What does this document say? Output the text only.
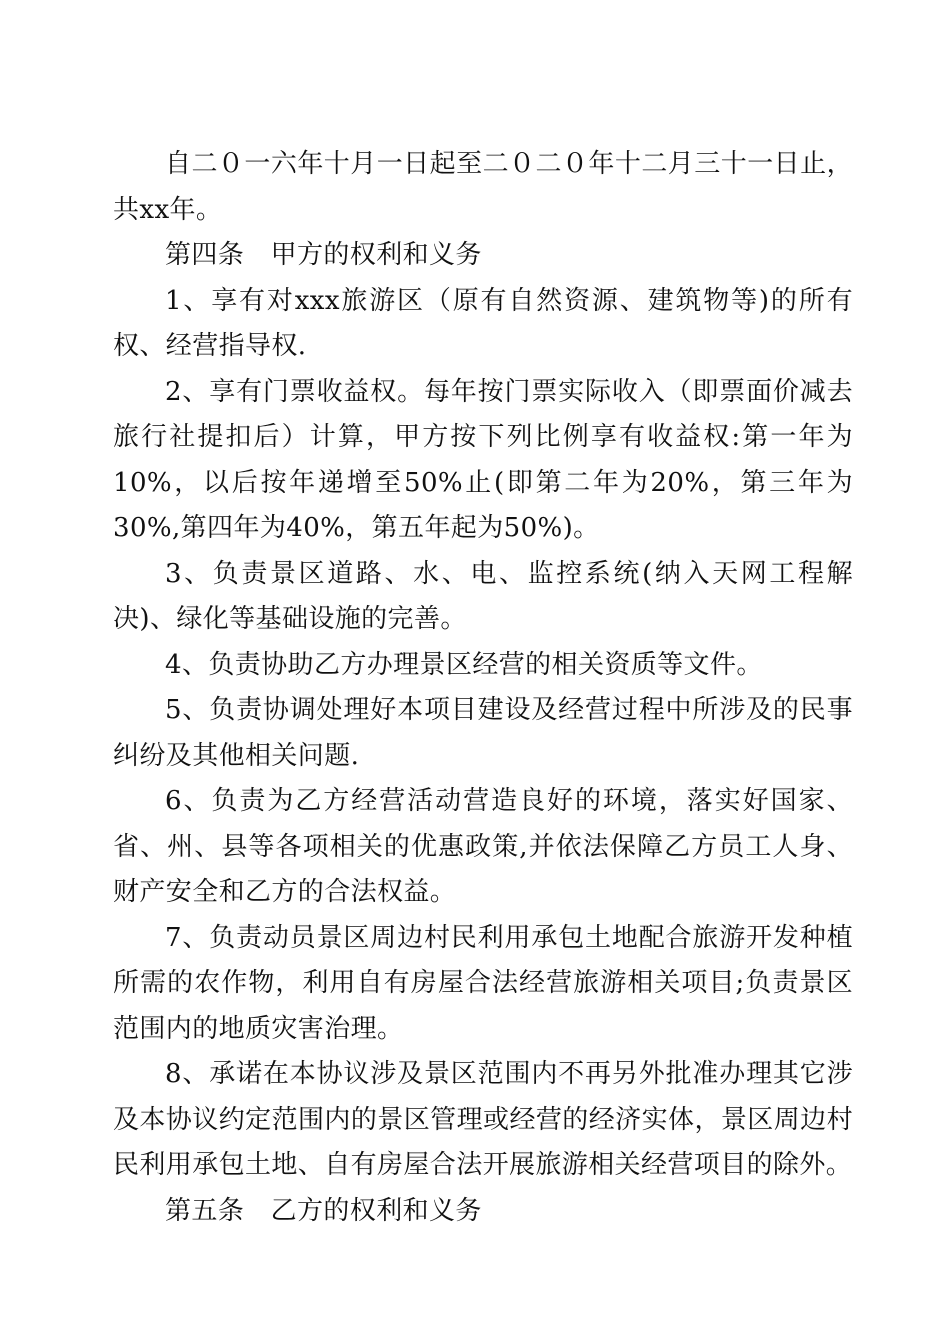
自二０一六年十月一日起至二０二０年十二月三十一日止，共xx年。

第四条　甲方的权利和义务

1、享有对xxx旅游区（原有自然资源、建筑物等)的所有权、经营指导权.

2、享有门票收益权。每年按门票实际收入（即票面价减去旅行社提扣后）计算，甲方按下列比例享有收益权:第一年为10%，以后按年递增至50%止(即第二年为20%，第三年为30%,第四年为40%，第五年起为50%)。

3、负责景区道路、水、电、监控系统(纳入天网工程解决)、绿化等基础设施的完善。

4、负责协助乙方办理景区经营的相关资质等文件。

5、负责协调处理好本项目建设及经营过程中所涉及的民事纠纷及其他相关问题.

6、负责为乙方经营活动营造良好的环境，落实好国家、省、州、县等各项相关的优惠政策,并依法保障乙方员工人身、财产安全和乙方的合法权益。

7、负责动员景区周边村民利用承包土地配合旅游开发种植所需的农作物，利用自有房屋合法经营旅游相关项目;负责景区范围内的地质灾害治理。

8、承诺在本协议涉及景区范围内不再另外批准办理其它涉及本协议约定范围内的景区管理或经营的经济实体，景区周边村民利用承包土地、自有房屋合法开展旅游相关经营项目的除外。

第五条　乙方的权利和义务
